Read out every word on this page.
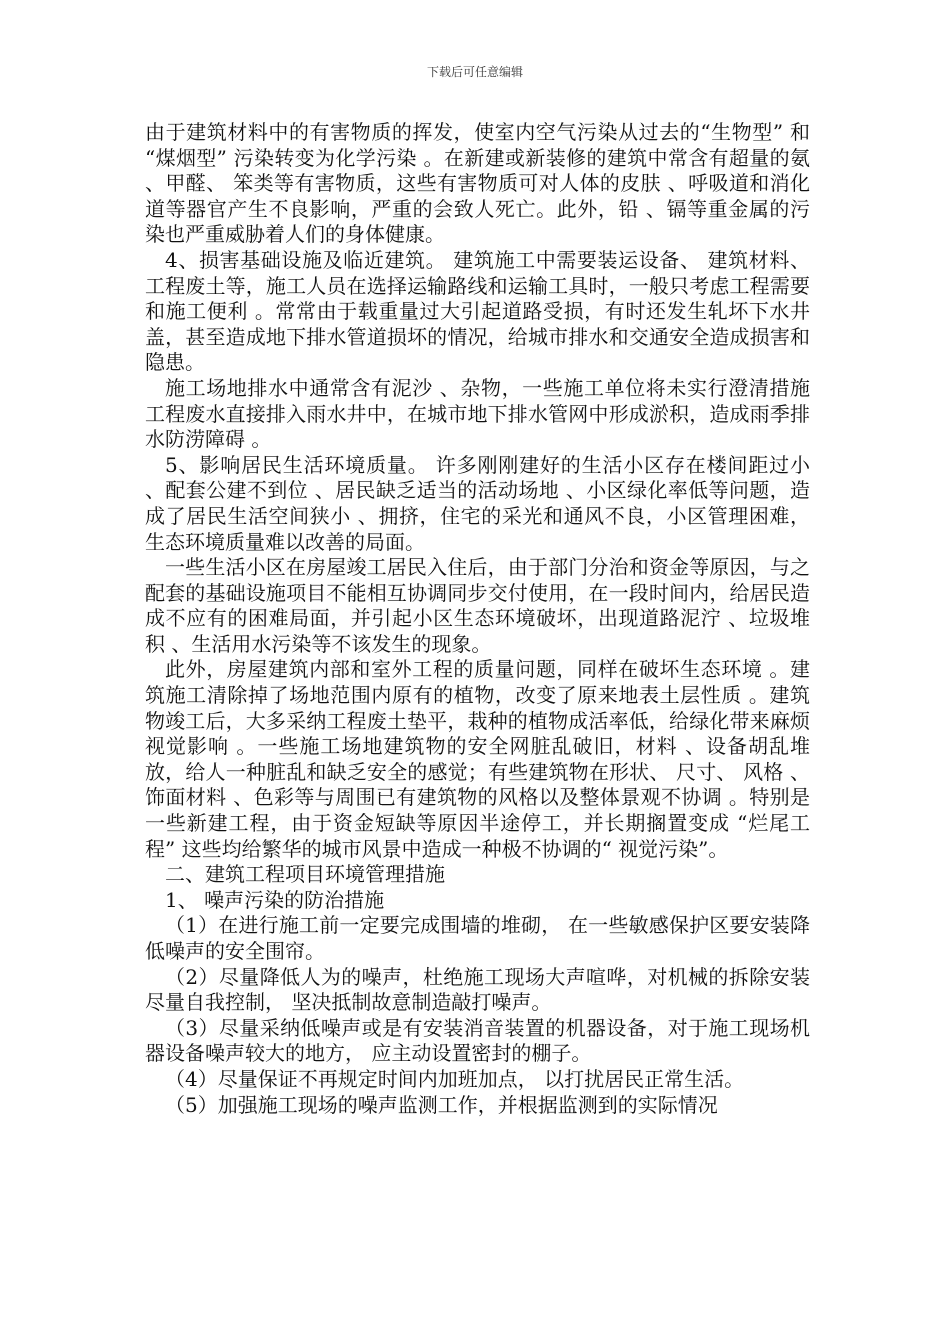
下载后可任意编辑

由于建筑材料中的有害物质的挥发，使室内空气污染从过去的“生物型” 和 “煤烟型” 污染转变为化学污染 。在新建或新装修的建筑中常含有超量的氨 、甲醛、 笨类等有害物质，这些有害物质可对人体的皮肤 、呼吸道和消化道等器官产生不良影响，严重的会致人死亡。此外，铅 、镉等重金属的污染也严重威胁着人们的身体健康。

4、损害基础设施及临近建筑。 建筑施工中需要装运设备、 建筑材料、 工程废土等，施工人员在选择运输路线和运输工具时，一般只考虑工程需要和施工便利 。常常由于载重量过大引起道路受损，有时还发生轧坏下水井盖，甚至造成地下排水管道损坏的情况，给城市排水和交通安全造成损害和隐患。

施工场地排水中通常含有泥沙 、杂物，一些施工单位将未实行澄清措施工程废水直接排入雨水井中，在城市地下排水管网中形成淤积，造成雨季排水防涝障碍 。

5、影响居民生活环境质量。 许多刚刚建好的生活小区存在楼间距过小 、配套公建不到位 、居民缺乏适当的活动场地 、小区绿化率低等问题，造成了居民生活空间狭小 、拥挤，住宅的采光和通风不良，小区管理困难，生态环境质量难以改善的局面。

一些生活小区在房屋竣工居民入住后，由于部门分治和资金等原因，与之配套的基础设施项目不能相互协调同步交付使用，在一段时间内，给居民造成不应有的困难局面，并引起小区生态环境破坏，出现道路泥泞 、垃圾堆积 、生活用水污染等不该发生的现象。

此外，房屋建筑内部和室外工程的质量问题，同样在破坏生态环境 。建筑施工清除掉了场地范围内原有的植物，改变了原来地表土层性质 。建筑物竣工后，大多采纳工程废土垫平，栽种的植物成活率低，给绿化带来麻烦视觉影响 。一些施工场地建筑物的安全网脏乱破旧，材料 、设备胡乱堆放，给人一种脏乱和缺乏安全的感觉；有些建筑物在形状、 尺寸、 风格 、饰面材料 、色彩等与周围已有建筑物的风格以及整体景观不协调 。特别是一些新建工程，由于资金短缺等原因半途停工，并长期搁置变成 “烂尾工程” 这些均给繁华的城市风景中造成一种极不协调的“ 视觉污染”。

二、建筑工程项目环境管理措施

1、 噪声污染的防治措施

（1）在进行施工前一定要完成围墙的堆砌， 在一些敏感保护区要安装降低噪声的安全围帘。

（2）尽量降低人为的噪声，杜绝施工现场大声喧哗，对机械的拆除安装尽量自我控制， 坚决抵制故意制造敲打噪声。

（3）尽量采纳低噪声或是有安装消音装置的机器设备，对于施工现场机器设备噪声较大的地方， 应主动设置密封的棚子。

（4）尽量保证不再规定时间内加班加点， 以打扰居民正常生活。

（5）加强施工现场的噪声监测工作，并根据监测到的实际情况
